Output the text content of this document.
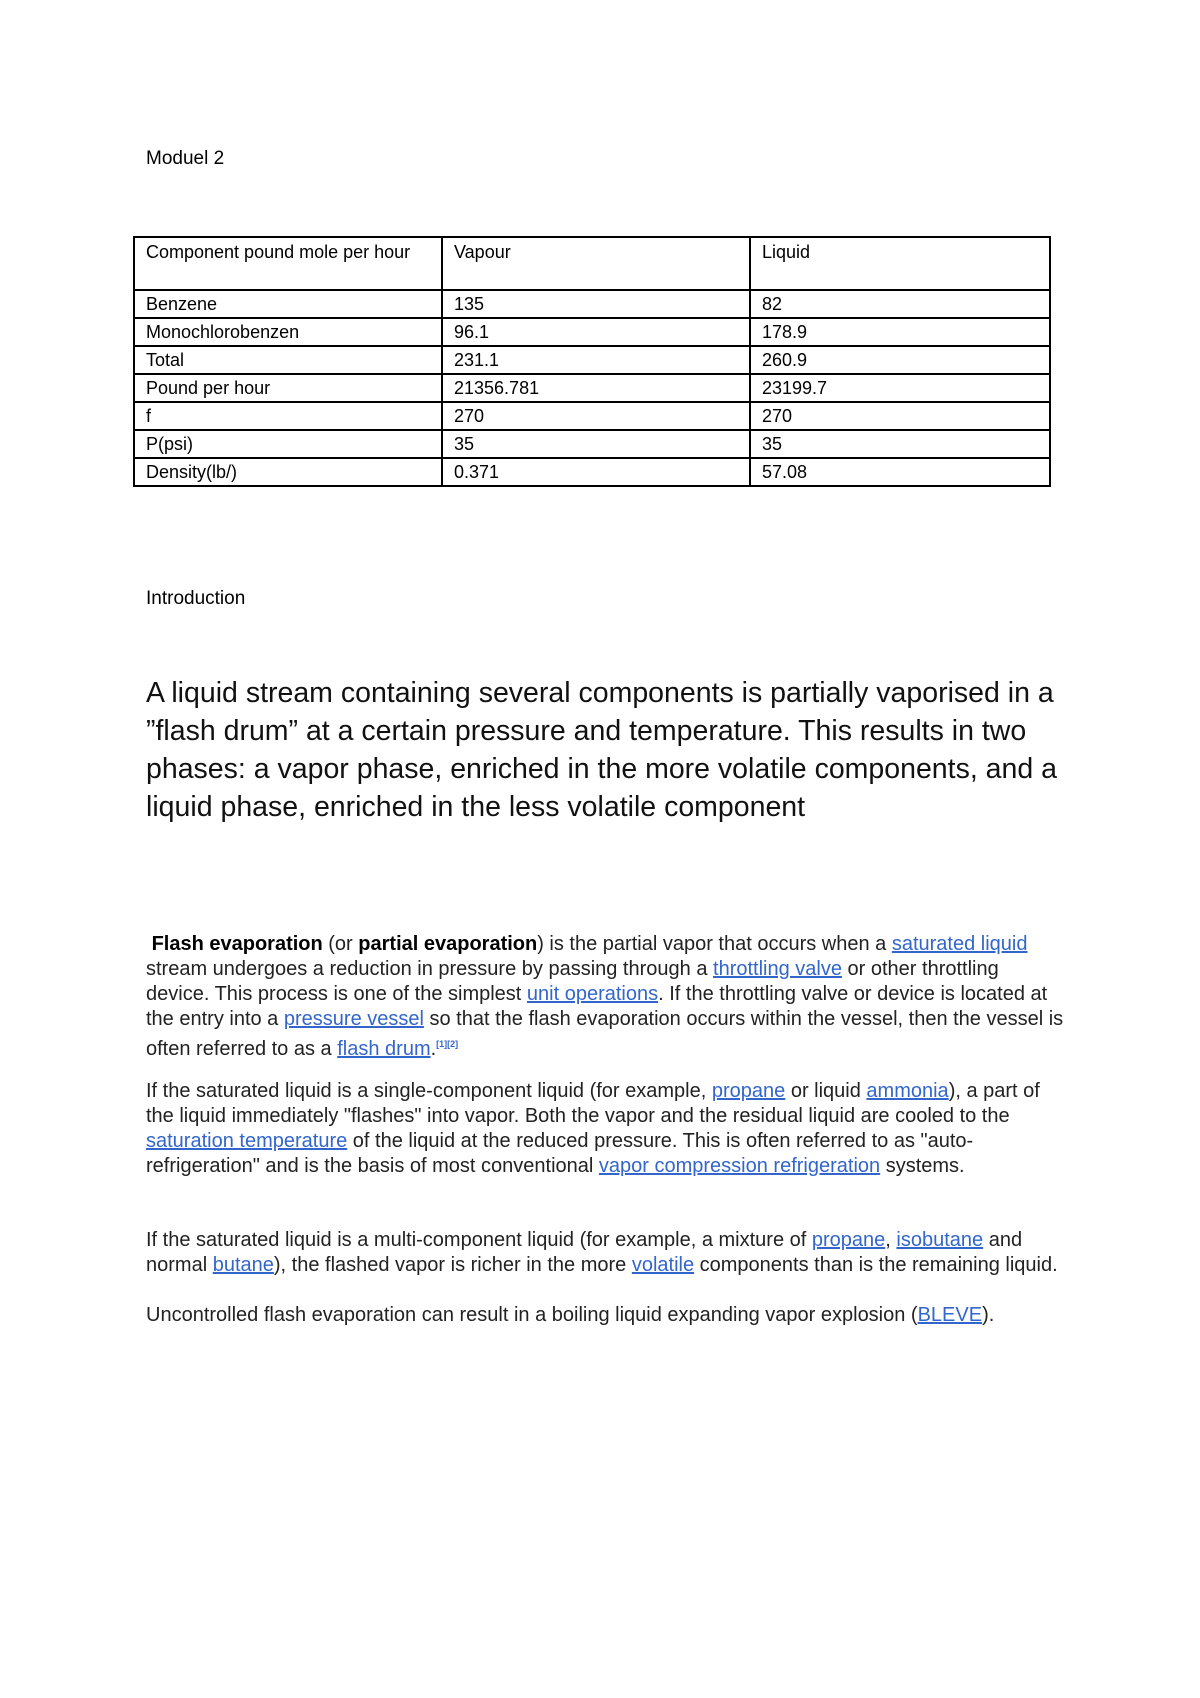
Moduel 2
Component pound mole per hour	Vapour	Liquid
Benzene	135	82
Monochlorobenzen	96.1	178.9
Total	231.1	260.9
Pound per hour	21356.781	23199.7
f	270	270
P(psi)	35	35
Density(lb/)	0.371	57.08
Introduction
A liquid stream containing several components is partially vaporised in a ”flash drum” at a certain pressure and temperature. This results in two phases: a vapor phase, enriched in the more volatile components, and a liquid phase, enriched in the less volatile component

Flash evaporation (or partial evaporation) is the partial vapor that occurs when a saturated liquid stream undergoes a reduction in pressure by passing through a throttling valve or other throttling device. This process is one of the simplest unit operations. If the throttling valve or device is located at the entry into a pressure vessel so that the flash evaporation occurs within the vessel, then the vessel is often referred to as a flash drum.[1][2]

If the saturated liquid is a single-component liquid (for example, propane or liquid ammonia), a part of the liquid immediately "flashes" into vapor. Both the vapor and the residual liquid are cooled to the saturation temperature of the liquid at the reduced pressure. This is often referred to as "auto-refrigeration" and is the basis of most conventional vapor compression refrigeration systems.

If the saturated liquid is a multi-component liquid (for example, a mixture of propane, isobutane and normal butane), the flashed vapor is richer in the more volatile components than is the remaining liquid.

Uncontrolled flash evaporation can result in a boiling liquid expanding vapor explosion (BLEVE).
